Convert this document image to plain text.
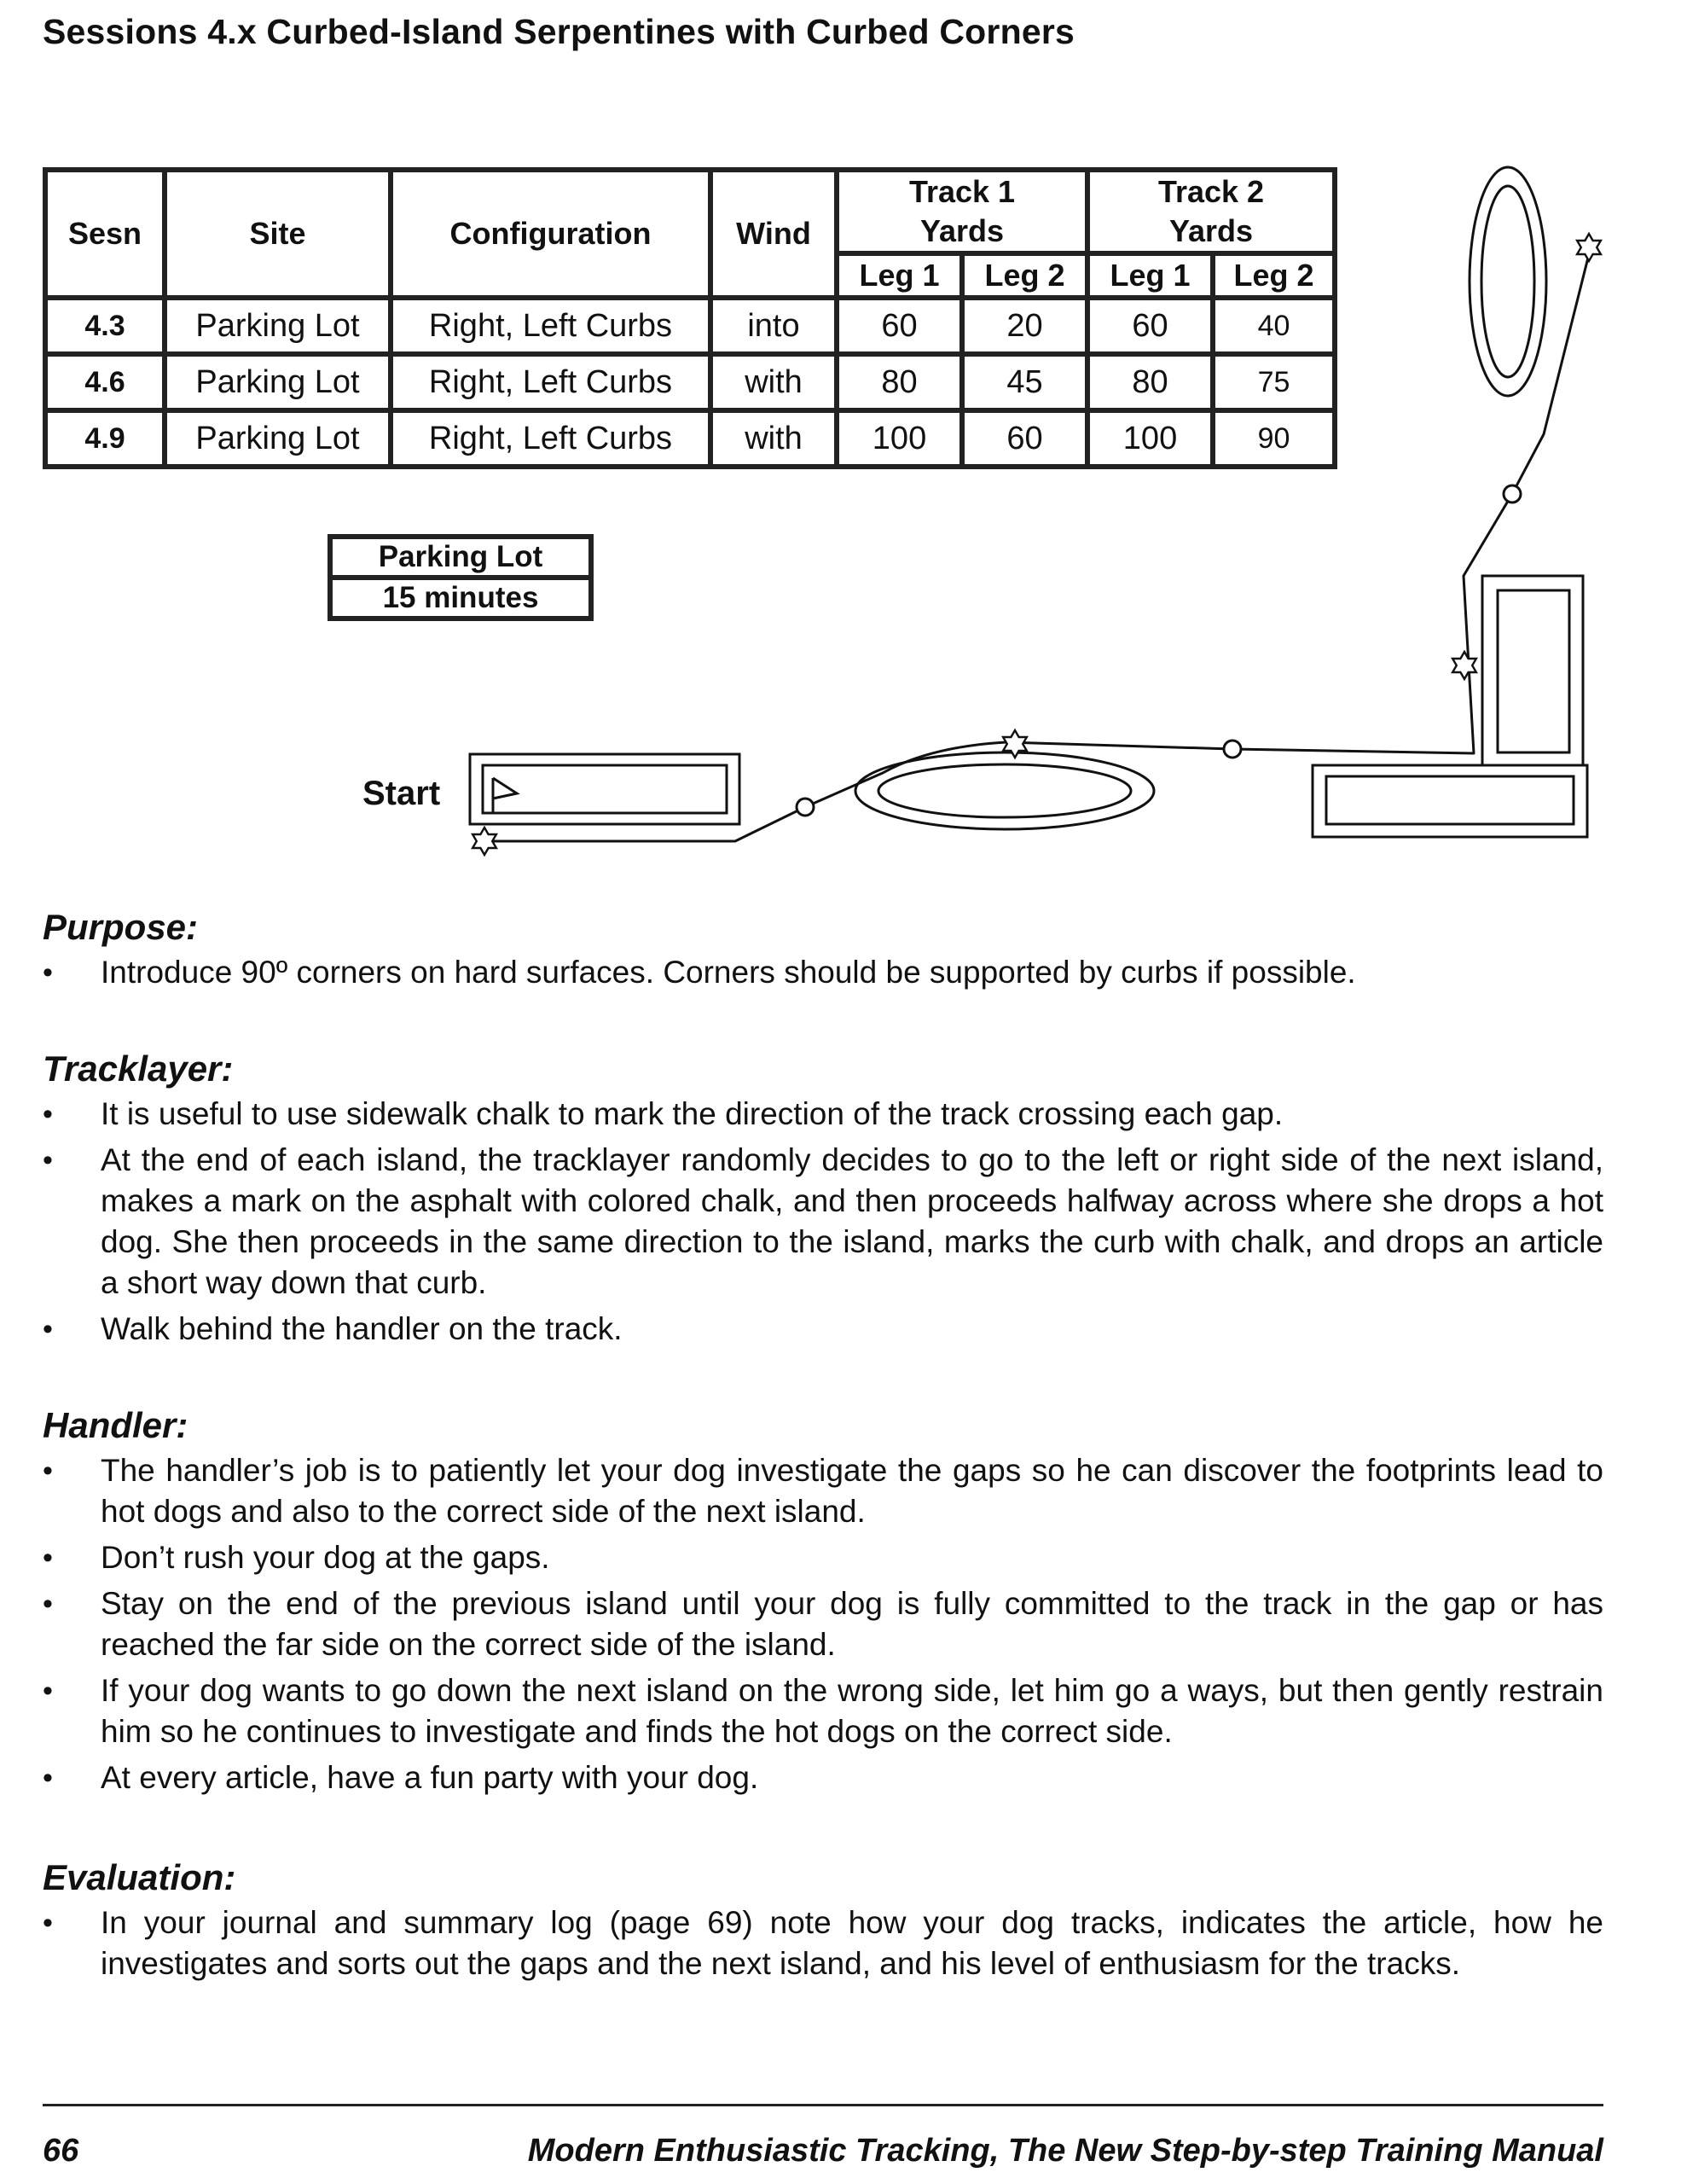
Sessions 4.x Curbed-Island Serpentines with Curbed Corners
Sesn	Site	Configuration	Wind	Track 1 Yards		Track 2 Yards	
				Leg 1	Leg 2	Leg 1	Leg 2
4.3	Parking Lot	Right, Left Curbs	into	60	20	60	40
4.6	Parking Lot	Right, Left Curbs	with	80	45	80	75
4.9	Parking Lot	Right, Left Curbs	with	100	60	100	90
Parking Lot
15 minutes
Start
Purpose:
• Introduce 90º corners on hard surfaces. Corners should be supported by curbs if possible.
Tracklayer:
• It is useful to use sidewalk chalk to mark the direction of the track crossing each gap.
• At the end of each island, the tracklayer randomly decides to go to the left or right side of the next island, makes a mark on the asphalt with colored chalk, and then proceeds halfway across where she drops a hot dog. She then proceeds in the same direction to the island, marks the curb with chalk, and drops an article a short way down that curb.
• Walk behind the handler on the track.
Handler:
• The handler’s job is to patiently let your dog investigate the gaps so he can discover the footprints lead to hot dogs and also to the correct side of the next island.
• Don’t rush your dog at the gaps.
• Stay on the end of the previous island until your dog is fully committed to the track in the gap or has reached the far side on the correct side of the island.
• If your dog wants to go down the next island on the wrong side, let him go a ways, but then gently restrain him so he continues to investigate and finds the hot dogs on the correct side.
• At every article, have a fun party with your dog.
Evaluation:
• In your journal and summary log (page 69) note how your dog tracks, indicates the article, how he investigates and sorts out the gaps and the next island, and his level of enthusiasm for the tracks.
66	Modern Enthusiastic Tracking, The New Step-by-step Training Manual
